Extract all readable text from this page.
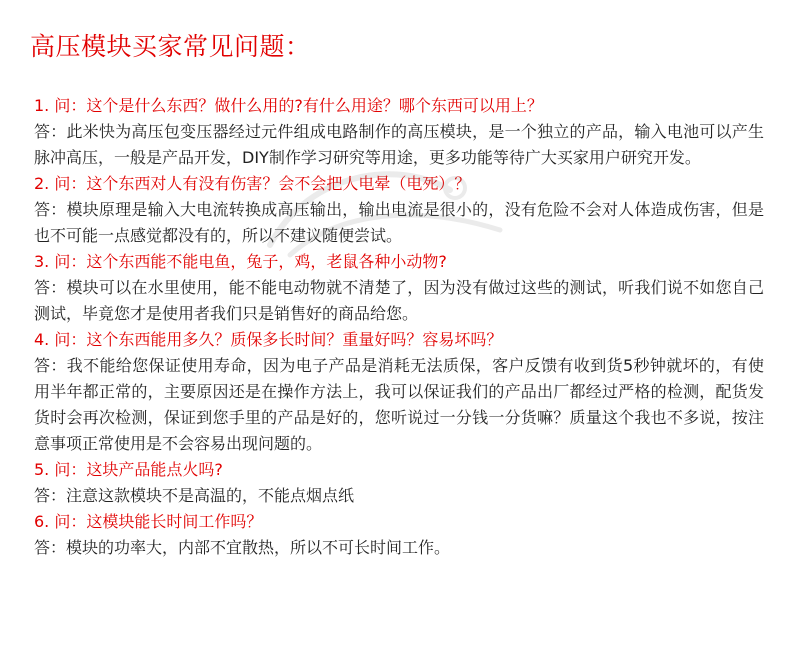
高压模块买家常见问题：
1. 问：这个是什么东西？做什么用的?有什么用途？哪个东西可以用上？
答：此米快为高压包变压器经过元件组成电路制作的高压模块，是一个独立的产品，输入电池可以产生脉冲高压，一般是产品开发，DIY制作学习研究等用途，更多功能等待广大买家用户研究开发。
2. 问：这个东西对人有没有伤害？会不会把人电晕（电死）？
答：模块原理是输入大电流转换成高压输出，输出电流是很小的，没有危险不会对人体造成伤害，但是也不可能一点感觉都没有的，所以不建议随便尝试。
3. 问：这个东西能不能电鱼，兔子，鸡，老鼠各种小动物?
答：模块可以在水里使用，能不能电动物就不清楚了，因为没有做过这些的测试，听我们说不如您自己测试，毕竟您才是使用者我们只是销售好的商品给您。
4. 问：这个东西能用多久？质保多长时间？重量好吗？容易坏吗？
答：我不能给您保证使用寿命，因为电子产品是消耗无法质保，客户反馈有收到货5秒钟就坏的，有使用半年都正常的，主要原因还是在操作方法上，我可以保证我们的产品出厂都经过严格的检测，配货发货时会再次检测，保证到您手里的产品是好的，您听说过一分钱一分货嘛？质量这个我也不多说，按注意事项正常使用是不会容易出现问题的。
5. 问：这块产品能点火吗?
答：注意这款模块不是高温的，不能点烟点纸
6. 问：这模块能长时间工作吗？
答：模块的功率大，内部不宜散热，所以不可长时间工作。
